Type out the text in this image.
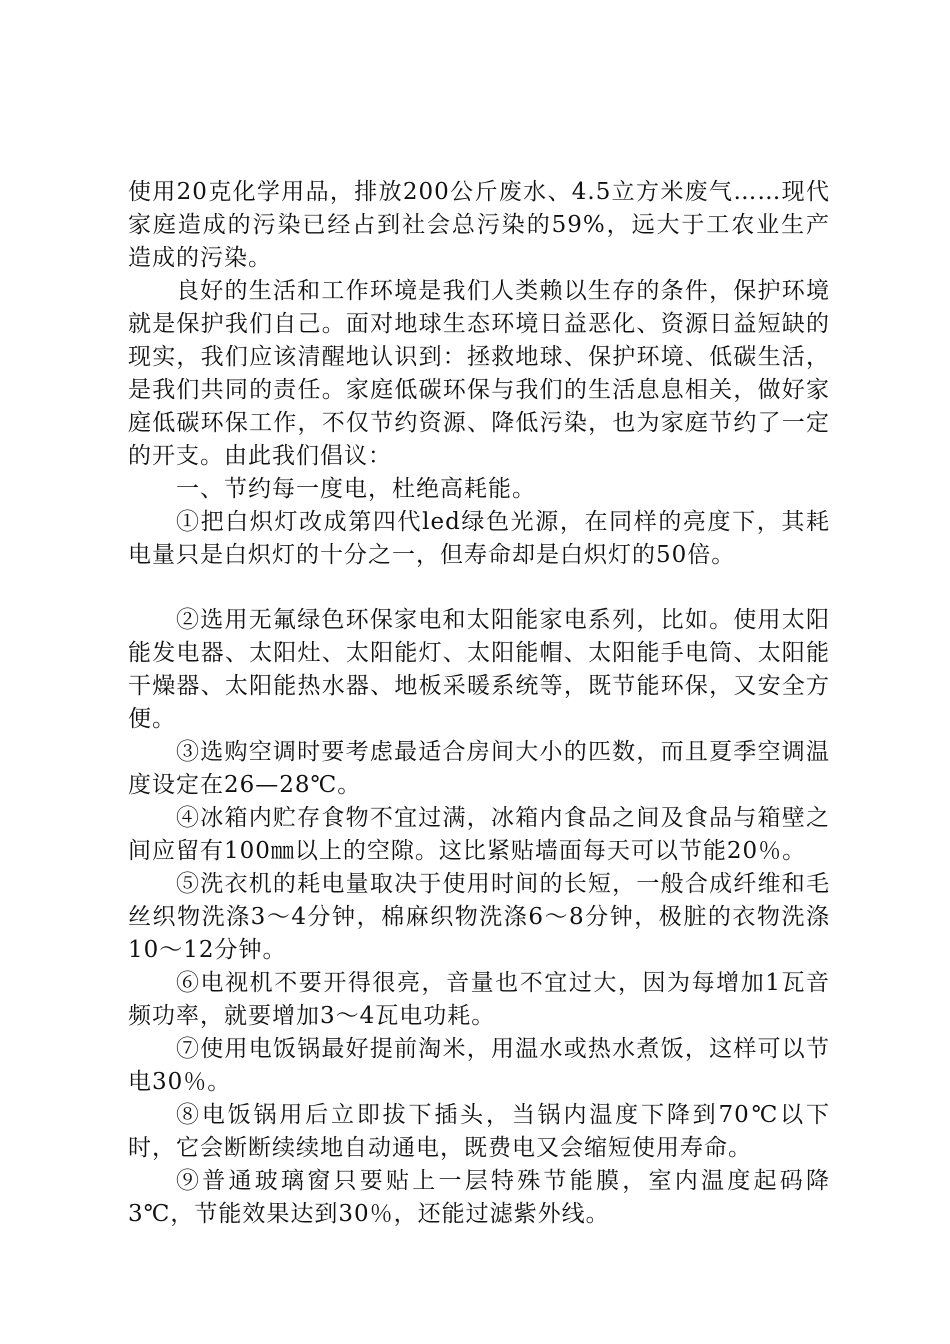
使用20克化学用品，排放200公斤废水、4.5立方米废气……现代家庭造成的污染已经占到社会总污染的59%，远大于工农业生产造成的污染。

良好的生活和工作环境是我们人类赖以生存的条件，保护环境就是保护我们自己。面对地球生态环境日益恶化、资源日益短缺的现实，我们应该清醒地认识到：拯救地球、保护环境、低碳生活，是我们共同的责任。家庭低碳环保与我们的生活息息相关，做好家庭低碳环保工作，不仅节约资源、降低污染，也为家庭节约了一定的开支。由此我们倡议：

一、节约每一度电，杜绝高耗能。

①把白炽灯改成第四代led绿色光源，在同样的亮度下，其耗电量只是白炽灯的十分之一，但寿命却是白炽灯的50倍。

②选用无氟绿色环保家电和太阳能家电系列，比如。使用太阳能发电器、太阳灶、太阳能灯、太阳能帽、太阳能手电筒、太阳能干燥器、太阳能热水器、地板采暖系统等，既节能环保，又安全方便。

③选购空调时要考虑最适合房间大小的匹数，而且夏季空调温度设定在26—28℃。

④冰箱内贮存食物不宜过满，冰箱内食品之间及食品与箱壁之间应留有100㎜以上的空隙。这比紧贴墙面每天可以节能20％。

⑤洗衣机的耗电量取决于使用时间的长短，一般合成纤维和毛丝织物洗涤3～4分钟，棉麻织物洗涤6～8分钟，极脏的衣物洗涤10～12分钟。

⑥电视机不要开得很亮，音量也不宜过大，因为每增加1瓦音频功率，就要增加3～4瓦电功耗。

⑦使用电饭锅最好提前淘米，用温水或热水煮饭，这样可以节电30％。

⑧电饭锅用后立即拔下插头，当锅内温度下降到70℃以下时，它会断断续续地自动通电，既费电又会缩短使用寿命。

⑨普通玻璃窗只要贴上一层特殊节能膜，室内温度起码降3℃，节能效果达到30％，还能过滤紫外线。
